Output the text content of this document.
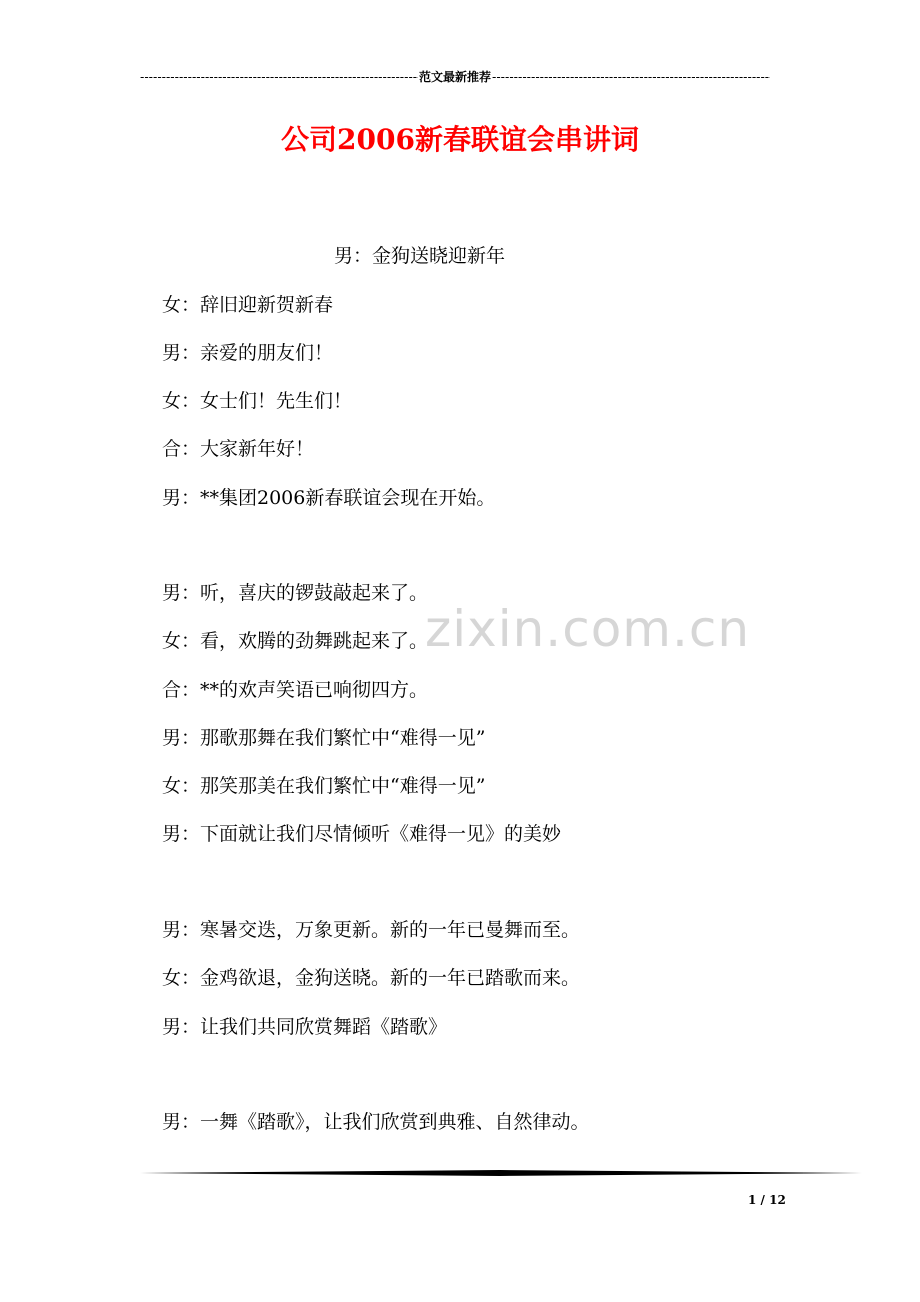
-----
范文最新推荐
-----
公司2006新春联谊会串讲词
男：金狗送晓迎新年
女：辞旧迎新贺新春
男：亲爱的朋友们！
女：女士们！先生们！
合：大家新年好！
男：**集团2006新春联谊会现在开始。
男：听，喜庆的锣鼓敲起来了。
女：看，欢腾的劲舞跳起来了。
合：**的欢声笑语已响彻四方。
男：那歌那舞在我们繁忙中“难得一见”
女：那笑那美在我们繁忙中“难得一见”
男：下面就让我们尽情倾听《难得一见》的美妙
男：寒暑交迭，万象更新。新的一年已曼舞而至。
女：金鸡欲退，金狗送晓。新的一年已踏歌而来。
男：让我们共同欣赏舞蹈《踏歌》
男：一舞《踏歌》，让我们欣赏到典雅、自然律动。
zixin.com.cn
1 / 12
